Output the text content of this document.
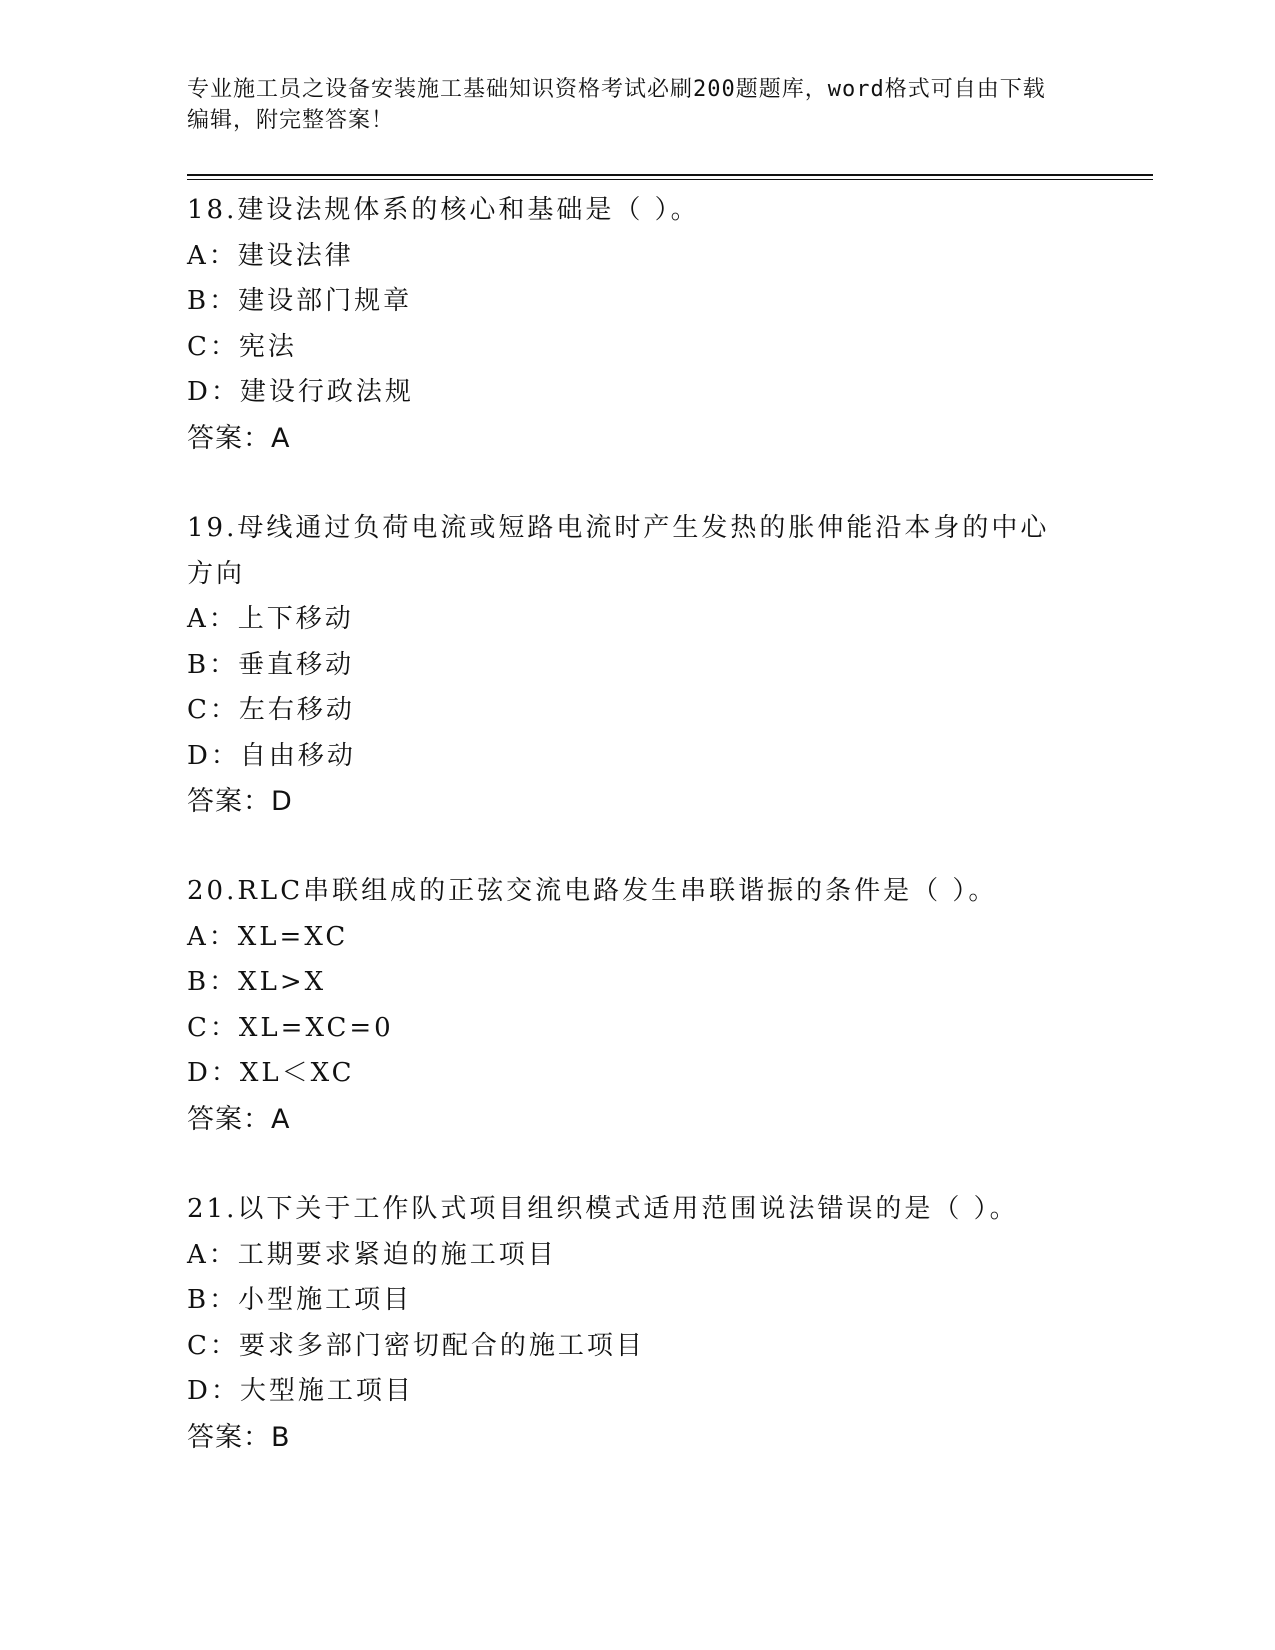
专业施工员之设备安装施工基础知识资格考试必刷200题题库，word格式可自由下载编辑，附完整答案！
18.建设法规体系的核心和基础是（ ）。
A：建设法律
B：建设部门规章
C：宪法
D：建设行政法规
答案：A
19.母线通过负荷电流或短路电流时产生发热的胀伸能沿本身的中心方向
A：上下移动
B：垂直移动
C：左右移动
D：自由移动
答案：D
20.RLC串联组成的正弦交流电路发生串联谐振的条件是（ ）。
A：XL=XC
B：XL>X
C：XL=XC=0
D：XL＜XC
答案：A
21.以下关于工作队式项目组织模式适用范围说法错误的是（ ）。
A：工期要求紧迫的施工项目
B：小型施工项目
C：要求多部门密切配合的施工项目
D：大型施工项目
答案：B
